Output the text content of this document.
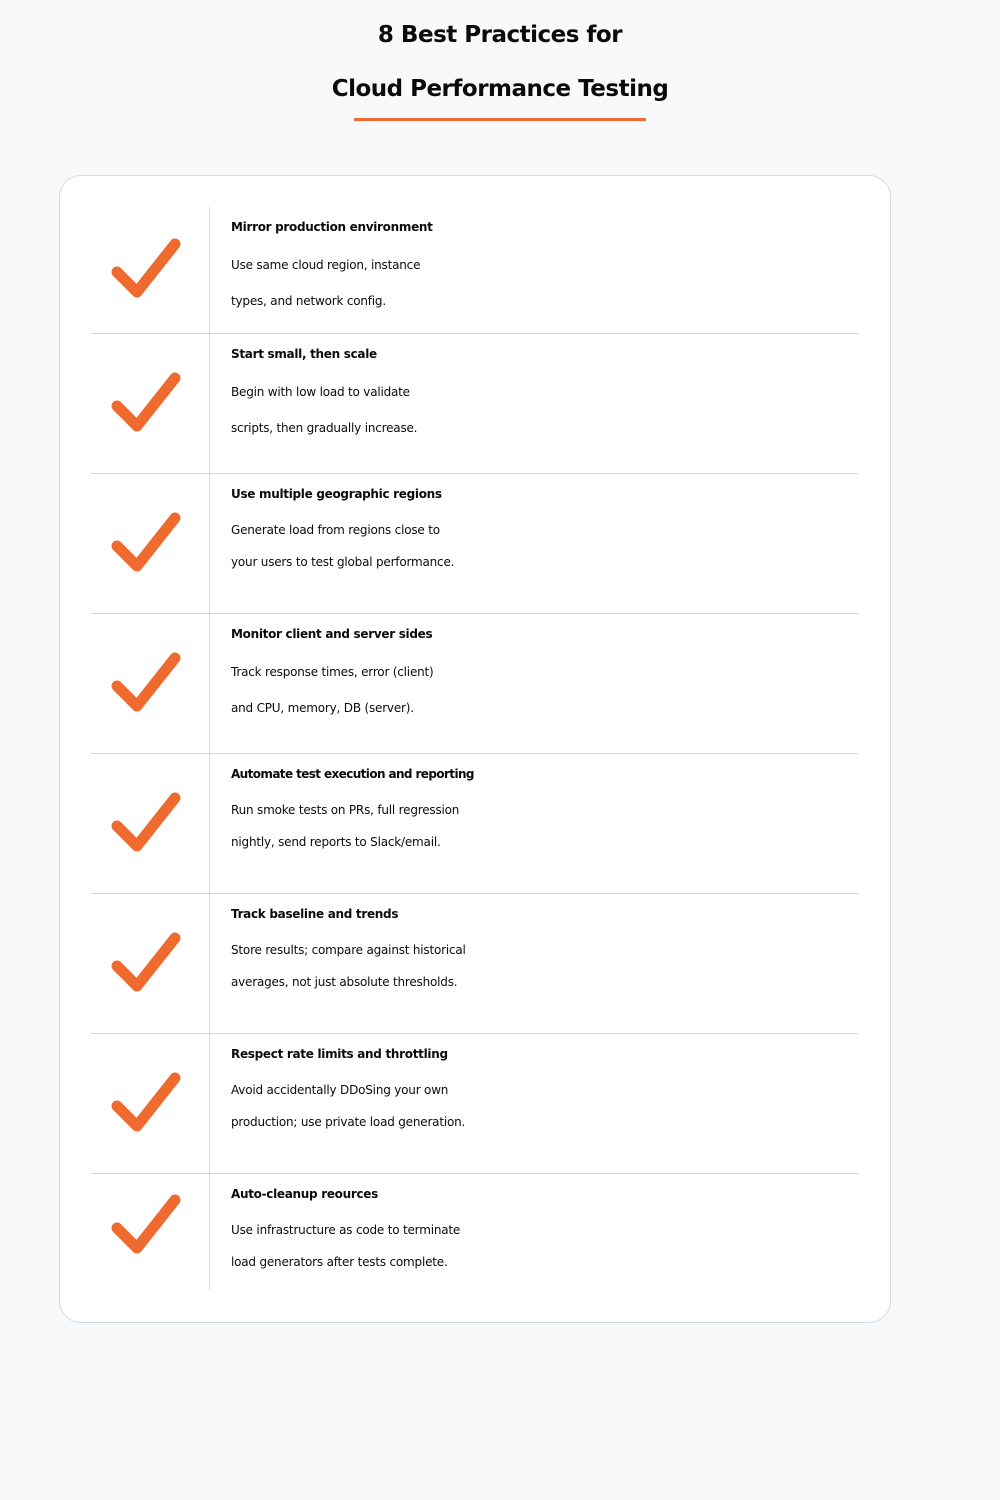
8 Best Practices for
Cloud Performance Testing

Mirror production environment

Use same cloud region, instance

types, and network config.

Start small, then scale

Begin with low load to validate

scripts, then gradually increase.

Use multiple geographic regions

Generate load from regions close to

your users to test global performance.

Monitor client and server sides

Track response times, error (client)

and CPU, memory, DB (server).

Automate test execution and reporting

Run smoke tests on PRs, full regression

nightly, send reports to Slack/email.

Track baseline and trends

Store results; compare against historical

averages, not just absolute thresholds.

Respect rate limits and throttling

Avoid accidentally DDoSing your own

production; use private load generation.

Auto-cleanup reources

Use infrastructure as code to terminate

load generators after tests complete.
